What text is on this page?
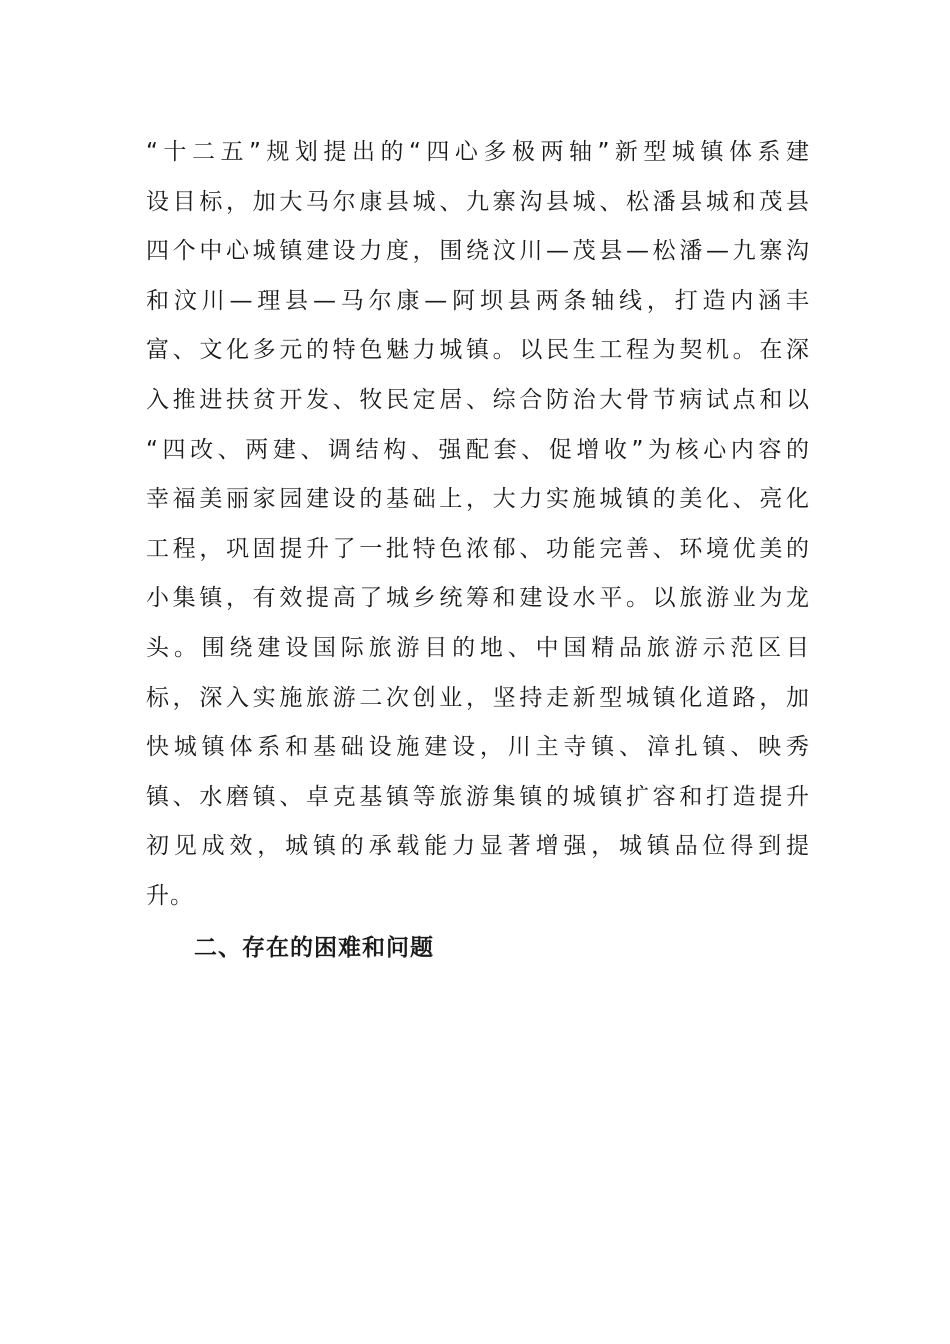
“十二五”规划提出的“四心多极两轴”新型城镇体系建
设目标，加大马尔康县城、九寨沟县城、松潘县城和茂县
四个中心城镇建设力度，围绕汶川—茂县—松潘—九寨沟
和汶川—理县—马尔康—阿坝县两条轴线，打造内涵丰
富、文化多元的特色魅力城镇。以民生工程为契机。在深
入推进扶贫开发、牧民定居、综合防治大骨节病试点和以
“四改、两建、调结构、强配套、促增收”为核心内容的
幸福美丽家园建设的基础上，大力实施城镇的美化、亮化
工程，巩固提升了一批特色浓郁、功能完善、环境优美的
小集镇，有效提高了城乡统筹和建设水平。以旅游业为龙
头。围绕建设国际旅游目的地、中国精品旅游示范区目
标，深入实施旅游二次创业，坚持走新型城镇化道路，加
快城镇体系和基础设施建设，川主寺镇、漳扎镇、映秀
镇、水磨镇、卓克基镇等旅游集镇的城镇扩容和打造提升
初见成效，城镇的承载能力显著增强，城镇品位得到提
升。
二、存在的困难和问题
